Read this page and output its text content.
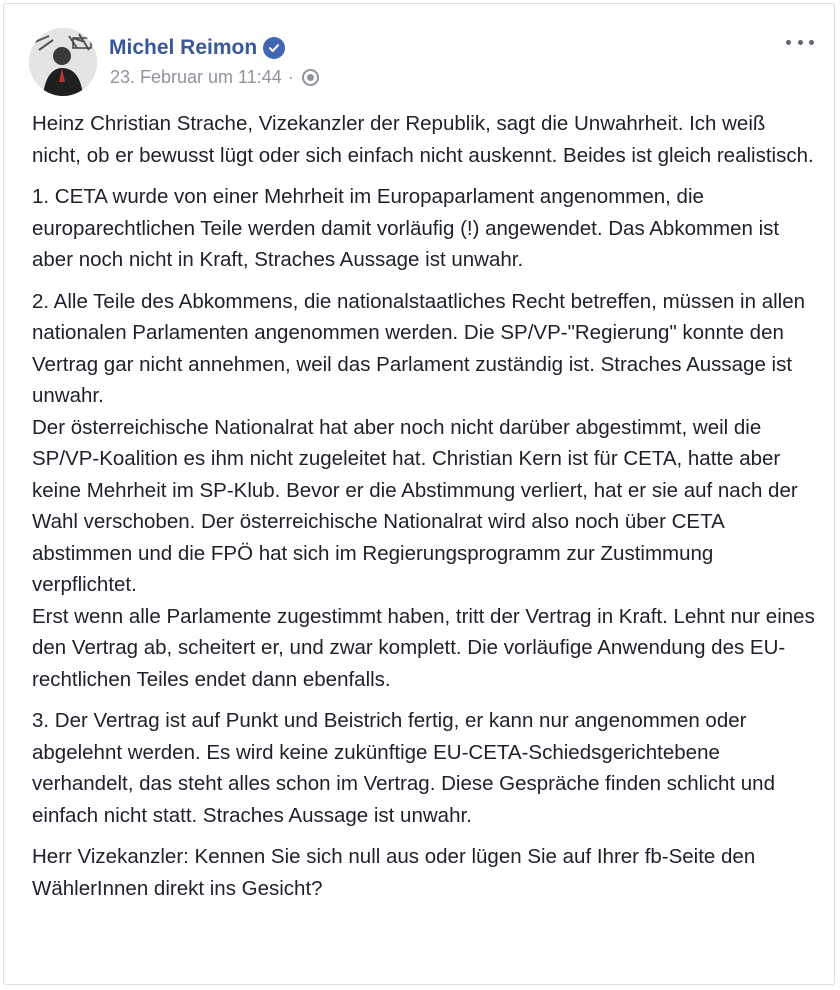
Michel Reimon
23. Februar um 11:44 ·

Heinz Christian Strache, Vizekanzler der Republik, sagt die Unwahrheit. Ich weiß nicht, ob er bewusst lügt oder sich einfach nicht auskennt. Beides ist gleich realistisch.

1. CETA wurde von einer Mehrheit im Europaparlament angenommen, die europarechtlichen Teile werden damit vorläufig (!) angewendet. Das Abkommen ist aber noch nicht in Kraft, Straches Aussage ist unwahr.

2. Alle Teile des Abkommens, die nationalstaatliches Recht betreffen, müssen in allen nationalen Parlamenten angenommen werden. Die SP/VP-"Regierung" konnte den Vertrag gar nicht annehmen, weil das Parlament zuständig ist. Straches Aussage ist unwahr.
Der österreichische Nationalrat hat aber noch nicht darüber abgestimmt, weil die SP/VP-Koalition es ihm nicht zugeleitet hat. Christian Kern ist für CETA, hatte aber keine Mehrheit im SP-Klub. Bevor er die Abstimmung verliert, hat er sie auf nach der Wahl verschoben. Der österreichische Nationalrat wird also noch über CETA abstimmen und die FPÖ hat sich im Regierungsprogramm zur Zustimmung verpflichtet.
Erst wenn alle Parlamente zugestimmt haben, tritt der Vertrag in Kraft. Lehnt nur eines den Vertrag ab, scheitert er, und zwar komplett. Die vorläufige Anwendung des EU-rechtlichen Teiles endet dann ebenfalls.

3. Der Vertrag ist auf Punkt und Beistrich fertig, er kann nur angenommen oder abgelehnt werden. Es wird keine zukünftige EU-CETA-Schiedsgerichtebene verhandelt, das steht alles schon im Vertrag. Diese Gespräche finden schlicht und einfach nicht statt. Straches Aussage ist unwahr.

Herr Vizekanzler: Kennen Sie sich null aus oder lügen Sie auf Ihrer fb-Seite den WählerInnen direkt ins Gesicht?
